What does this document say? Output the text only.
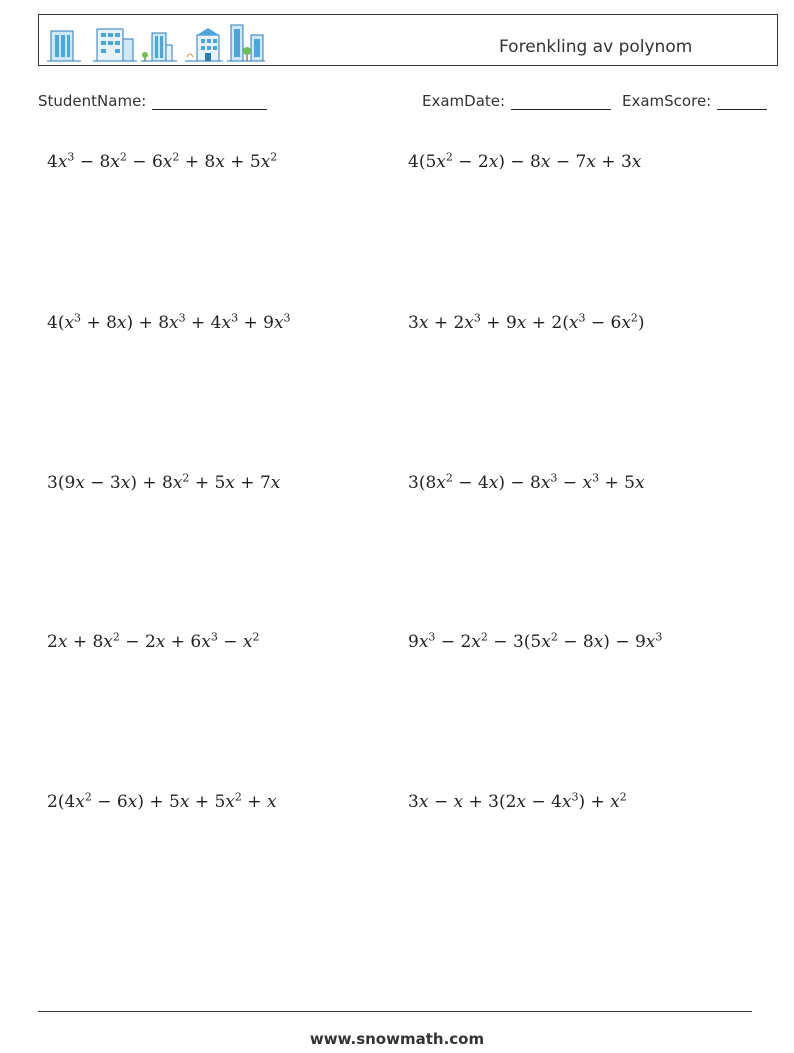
Forenkling av polynom
StudentName:	ExamDate:	ExamScore:
$4x^3 - 8x^2 - 6x^2 + 8x + 5x^2$	$4(5x^2 - 2x) - 8x - 7x + 3x$
$4(x^3 + 8x) + 8x^3 + 4x^3 + 9x^3$	$3x + 2x^3 + 9x + 2(x^3 - 6x^2)$
$3(9x - 3x) + 8x^2 + 5x + 7x$	$3(8x^2 - 4x) - 8x^3 - x^3 + 5x$
$2x + 8x^2 - 2x + 6x^3 - x^2$	$9x^3 - 2x^2 - 3(5x^2 - 8x) - 9x^3$
$2(4x^2 - 6x) + 5x + 5x^2 + x$	$3x - x + 3(2x - 4x^3) + x^2$
www.snowmath.com
